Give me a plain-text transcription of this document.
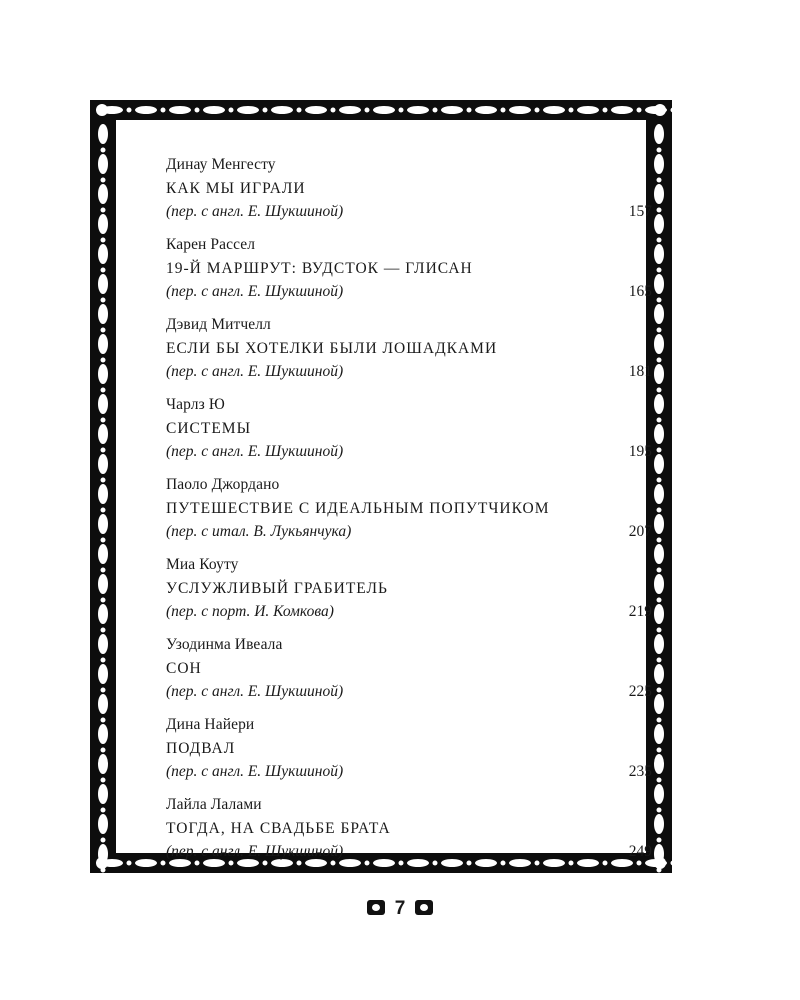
Динау Менгесту
КАК МЫ ИГРАЛИ
(пер. с англ. Е. Шукшиной)	157
Карен Рассел
19-Й МАРШРУТ: ВУДСТОК — ГЛИСАН
(пер. с англ. Е. Шукшиной)	165
Дэвид Митчелл
ЕСЛИ БЫ ХОТЕЛКИ БЫЛИ ЛОШАДКАМИ
(пер. с англ. Е. Шукшиной)	181
Чарлз Ю
СИСТЕМЫ
(пер. с англ. Е. Шукшиной)	195
Паоло Джордано
ПУТЕШЕСТВИЕ С ИДЕАЛЬНЫМ ПОПУТЧИКОМ
(пер. с итал. В. Лукьянчука)	207
Миа Коуту
УСЛУЖЛИВЫЙ ГРАБИТЕЛЬ
(пер. с порт. И. Комкова)	219
Узодинма Ивеала
СОН
(пер. с англ. Е. Шукшиной)	225
Дина Найери
ПОДВАЛ
(пер. с англ. Е. Шукшиной)	235
Лайла Лалами
ТОГДА, НА СВАДЬБЕ БРАТА
(пер. с англ. Е. Шукшиной)	249
7
